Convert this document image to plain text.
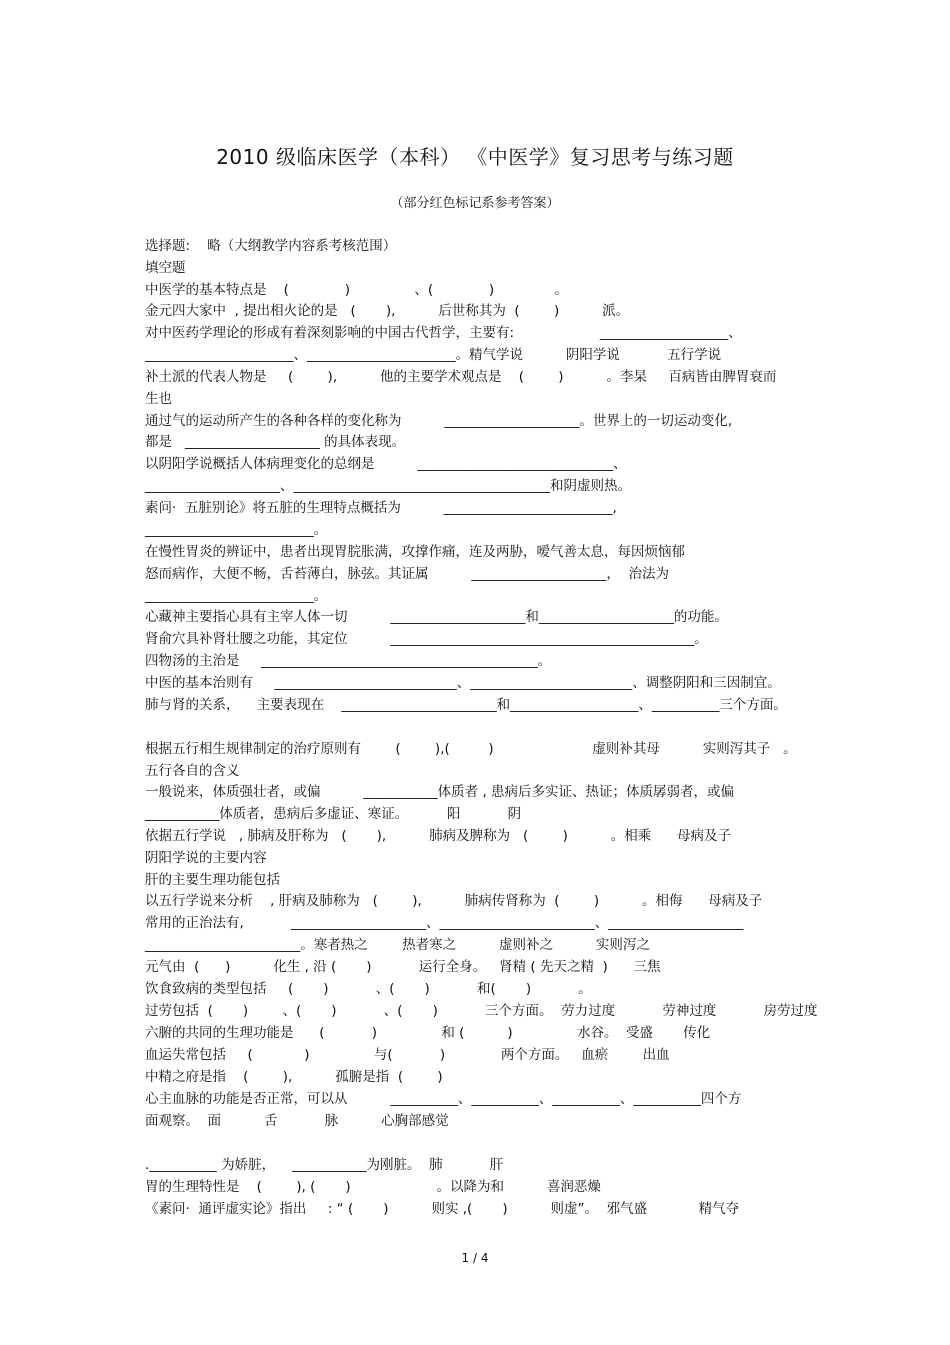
2010 级临床医学（本科） 《中医学》复习思考与练习题
（部分红色标记系参考答案）
选择题:    略（大纲教学内容系考核范围）
填空题
中医学的基本特点是    (             )               、(             )              。
金元四大家中  , 提出相火论的是   (       ),          后世称其为  (        )          派。
对中医药学理论的形成有着深刻影响的中国古代哲学，主要有:                    ___________________、
______________________、______________________。精气学说          阴阳学说           五行学说
补土派的代表人物是     (        ),          他的主要学术观点是    (        )          。李杲     百病皆由脾胃衰而
生也
通过气的运动所产生的各种各样的变化称为          ____________________。世界上的一切运动变化,
都是   ____________________ 的具体表现。
以阴阳学说概括人体病理变化的总纲是          _____________________________、
____________________、______________________________________和阴虚则热。
素问·  五脏别论》将五脏的生理特点概括为          _________________________,
_________________________。
在慢性胃炎的辨证中，患者出现胃脘胀满，攻撑作痛，连及两胁，嗳气善太息，每因烦恼郁
怒而病作，大便不畅，舌苔薄白，脉弦。其证属          ____________________，  治法为
_________________________。
心藏神主要指心具有主宰人体一切          ____________________和____________________的功能。
肾俞穴具补肾壮腰之功能，其定位          _____________________________________________。
四物汤的主治是     _________________________________________。
中医的基本治则有     ___________________________、________________________、调整阴阳和三因制宜。
肺与肾的关系，    主要表现在    _______________________和___________________、__________三个方面。
根据五行相生规律制定的治疗原则有        (        ),(         )                       虚则补其母          实则泻其子   。
五行各自的含义
一般说来，体质强壮者，或偏          ___________体质者 , 患病后多实证、热证；体质孱弱者，或偏
___________体质者，患病后多虚证、寒证。         阳           阴
依据五行学说   , 肺病及肝称为   (       ),          肺病及脾称为   (        )          。相乘      母病及子
阴阳学说的主要内容
肝的主要生理功能包括
以五行学说来分析    , 肝病及肺称为   (        ),          肺病传肾称为  (        )          。相侮      母病及子
常用的正治法有,           ____________________、_______________________、____________________
_______________________。寒者热之        热者寒之          虚则补之          实则泻之
元气由  (      )          化生 , 沿 (       )           运行全身。   肾精 ( 先天之精  )      三焦
饮食致病的类型包括     (       )           、(       )           和(       )           。
过劳包括  (       )        、(       )           、(       )           三个方面。  劳力过度           劳神过度           房劳过度
六腑的共同的生理功能是      (           )               和 (          )               水谷。  受盛       传化
血运失常包括     (            )               与(           )             两个方面。   血瘀        出血
中精之府是指    (        ),          孤腑是指  (        )
心主血脉的功能是否正常，可以从          __________、__________、__________、__________四个方
面观察。  面          舌           脉          心胸部感觉
.__________ 为娇脏，    ___________为刚脏。  肺           肝
胃的生理特性是    (        ), (       )                    。以降为和          喜润恶燥
《素问·  通评虚实论》指出     : “ (       )          则实 ,(       )          则虚”。  邪气盛            精气夺
1 / 4
